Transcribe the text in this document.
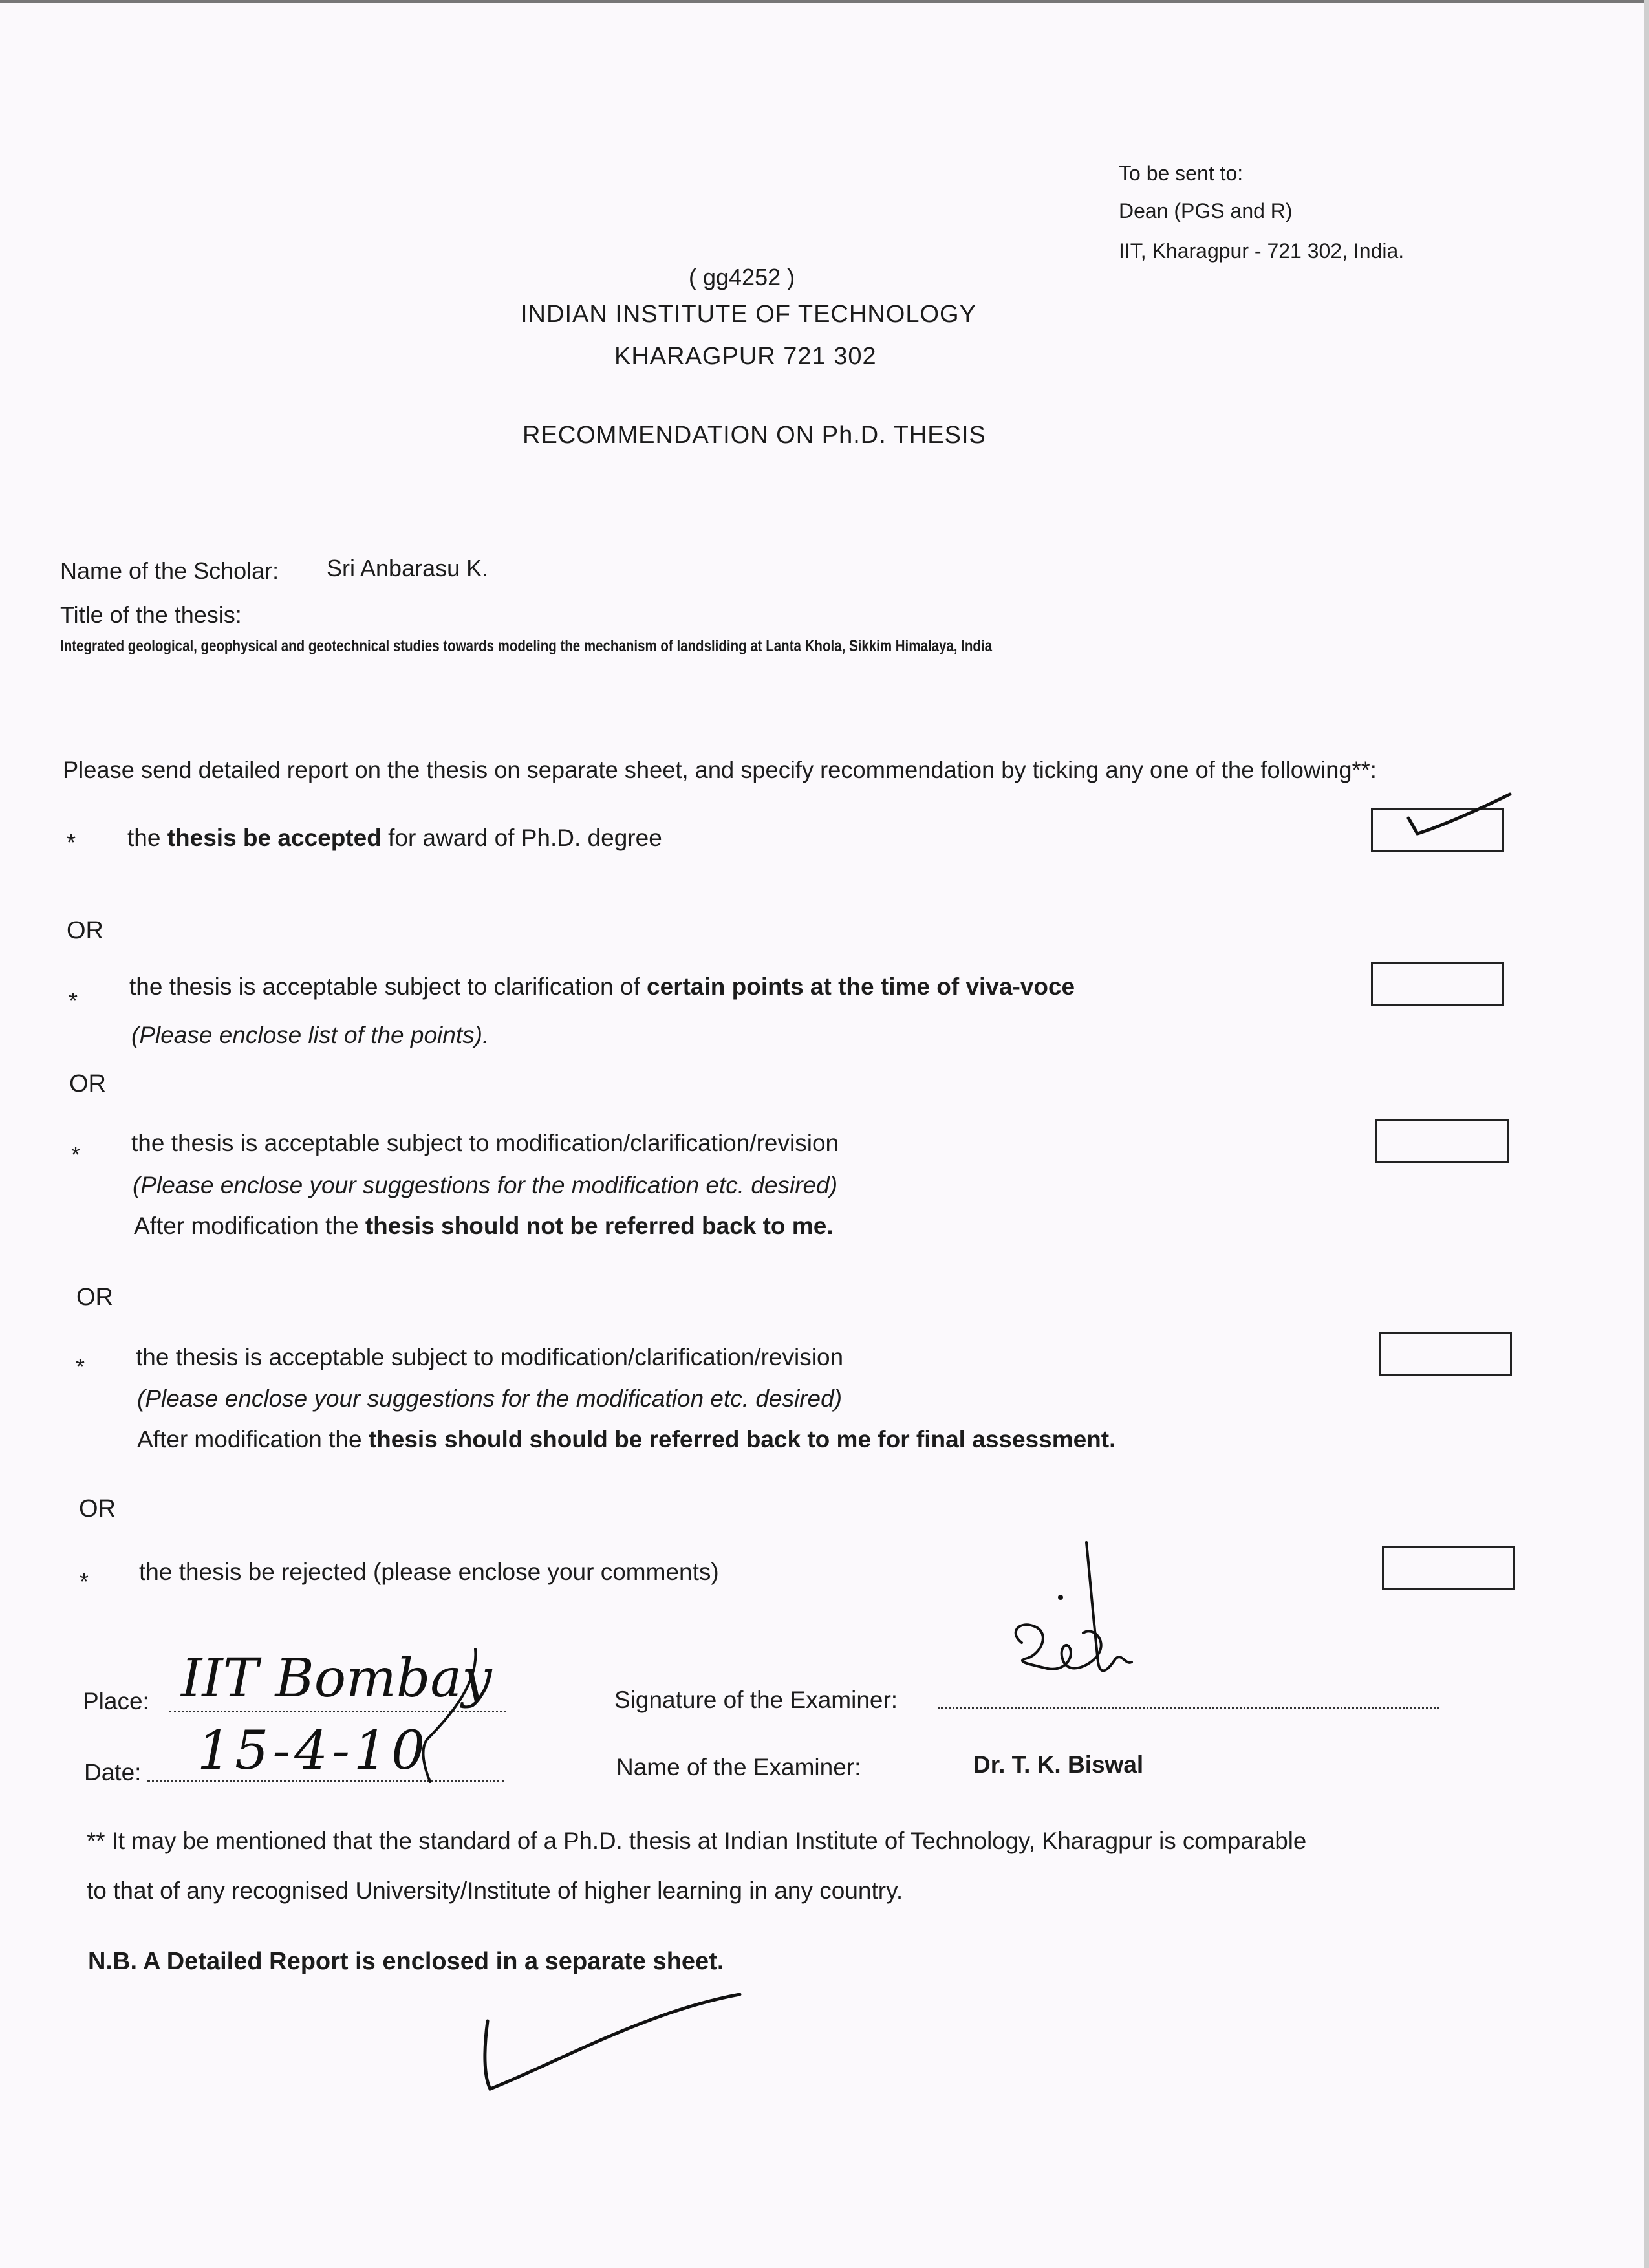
To be sent to:
Dean (PGS and R)
IIT, Kharagpur - 721 302, India.
( gg4252 )
INDIAN INSTITUTE OF TECHNOLOGY
KHARAGPUR 721 302
RECOMMENDATION ON Ph.D. THESIS
Name of the Scholar: Sri Anbarasu K.
Title of the thesis:
Integrated geological, geophysical and geotechnical studies towards modeling the mechanism of landsliding at Lanta Khola, Sikkim Himalaya, India
Please send detailed report on the thesis on separate sheet, and specify recommendation by ticking any one of the following**:
* the thesis be accepted for award of Ph.D. degree
OR
*
the thesis is acceptable subject to clarification of certain points at the time of viva-voce
(Please enclose list of the points).
OR
* the thesis is acceptable subject to modification/clarification/revision
(Please enclose your suggestions for the modification etc. desired)
After modification the thesis should not be referred back to me.
OR
* the thesis is acceptable subject to modification/clarification/revision
(Please enclose your suggestions for the modification etc. desired)
After modification the thesis should should be referred back to me for final assessment.
OR
* the thesis be rejected (please enclose your comments)
Place: IIT Bombay
Date: 15-4-10
Signature of the Examiner:
Name of the Examiner:	Dr. T. K. Biswal
** It may be mentioned that the standard of a Ph.D. thesis at Indian Institute of Technology, Kharagpur is comparable
to that of any recognised University/Institute of higher learning in any country.
N.B. A Detailed Report is enclosed in a separate sheet.
